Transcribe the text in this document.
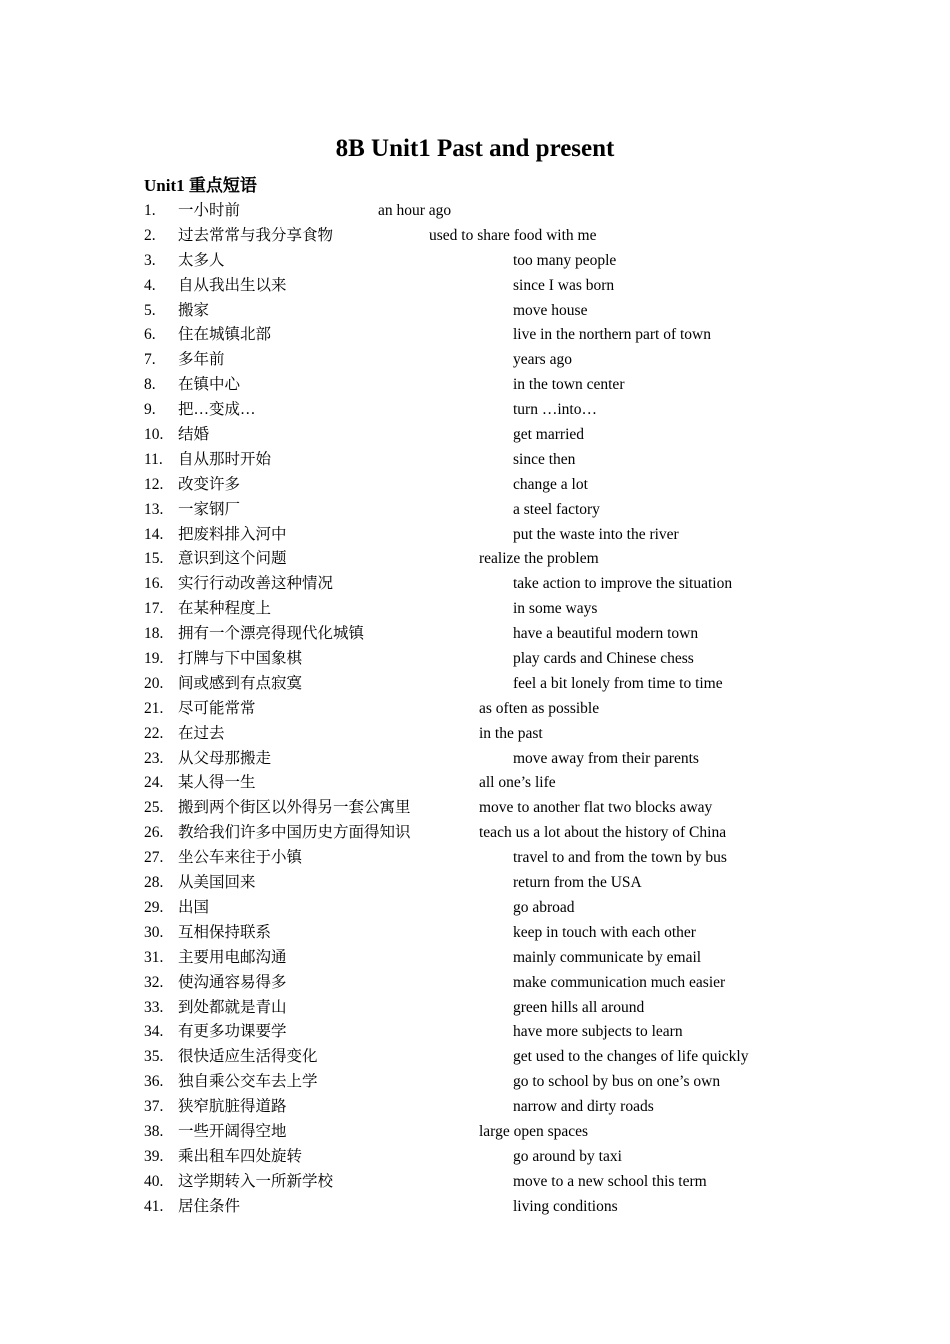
8B Unit1 Past and present
Unit1 重点短语
1. 一小时前	an hour ago
2. 过去常常与我分享食物	used to share food with me
3. 太多人	too many people
4. 自从我出生以来	since I was born
5. 搬家	move house
6. 住在城镇北部	live in the northern part of town
7. 多年前	years ago
8. 在镇中心	in the town center
9. 把…变成…	turn …into…
10. 结婚	get married
11. 自从那时开始	since then
12. 改变许多	change a lot
13. 一家钢厂	a steel factory
14. 把废料排入河中	put the waste into the river
15. 意识到这个问题	realize the problem
16. 实行行动改善这种情况	take action to improve the situation
17. 在某种程度上	in some ways
18. 拥有一个漂亮得现代化城镇	have a beautiful modern town
19. 打牌与下中国象棋	play cards and Chinese chess
20. 间或感到有点寂寞	feel a bit lonely from time to time
21. 尽可能常常	as often as possible
22. 在过去	in the past
23. 从父母那搬走	move away from their parents
24. 某人得一生	all one’s life
25. 搬到两个街区以外得另一套公寓里	move to another flat two blocks away
26. 教给我们许多中国历史方面得知识	teach us a lot about the history of China
27. 坐公车来往于小镇	travel to and from the town by bus
28. 从美国回来	return from the USA
29. 出国	go abroad
30. 互相保持联系	keep in touch with each other
31. 主要用电邮沟通	mainly communicate by email
32. 使沟通容易得多	make communication much easier
33. 到处都就是青山	green hills all around
34. 有更多功课要学	have more subjects to learn
35. 很快适应生活得变化	get used to the changes of life quickly
36. 独自乘公交车去上学	go to school by bus on one’s own
37. 狭窄肮脏得道路	narrow and dirty roads
38. 一些开阔得空地	large open spaces
39. 乘出租车四处旋转	go around by taxi
40. 这学期转入一所新学校	move to a new school this term
41. 居住条件	living conditions
